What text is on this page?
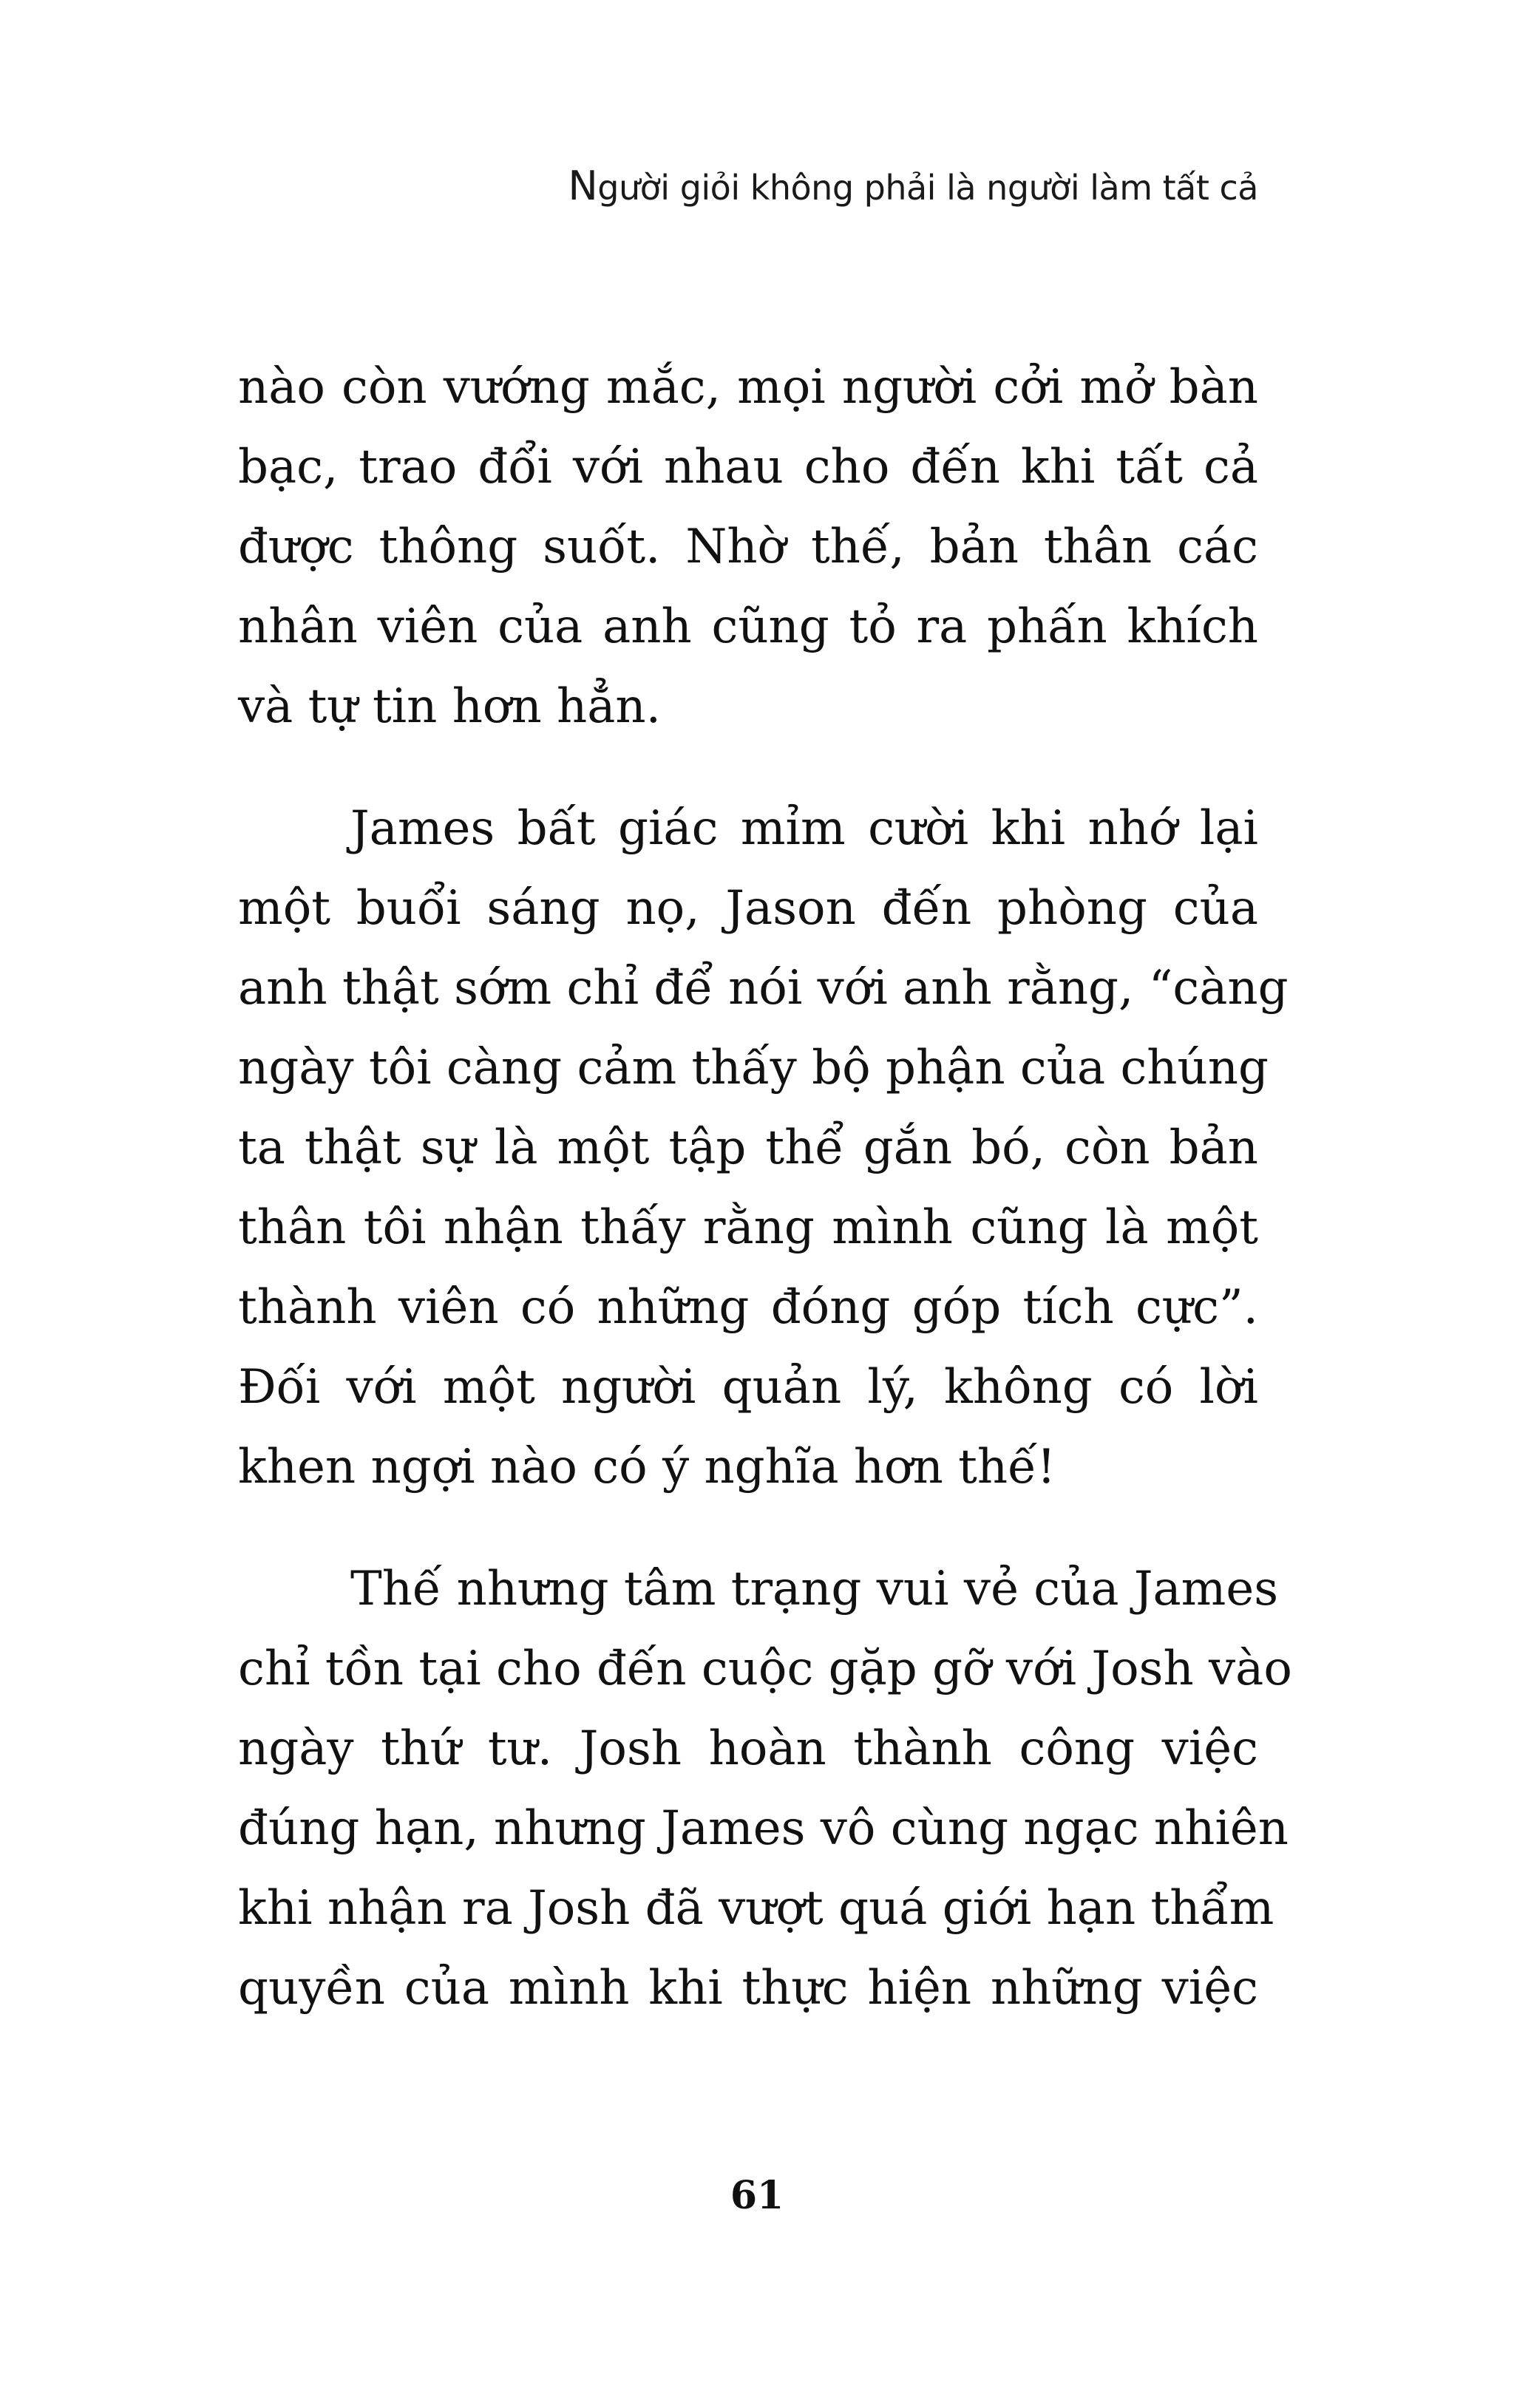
Người giỏi không phải là người làm tất cả

nào còn vướng mắc, mọi người cởi mở bàn
bạc, trao đổi với nhau cho đến khi tất cả
được thông suốt. Nhờ thế, bản thân các
nhân viên của anh cũng tỏ ra phấn khích
và tự tin hơn hẳn.

James bất giác mỉm cười khi nhớ lại
một buổi sáng nọ, Jason đến phòng của
anh thật sớm chỉ để nói với anh rằng, “càng
ngày tôi càng cảm thấy bộ phận của chúng
ta thật sự là một tập thể gắn bó, còn bản
thân tôi nhận thấy rằng mình cũng là một
thành viên có những đóng góp tích cực”.
Đối với một người quản lý, không có lời
khen ngợi nào có ý nghĩa hơn thế!

Thế nhưng tâm trạng vui vẻ của James
chỉ tồn tại cho đến cuộc gặp gỡ với Josh vào
ngày thứ tư. Josh hoàn thành công việc
đúng hạn, nhưng James vô cùng ngạc nhiên
khi nhận ra Josh đã vượt quá giới hạn thẩm
quyền của mình khi thực hiện những việc

61
